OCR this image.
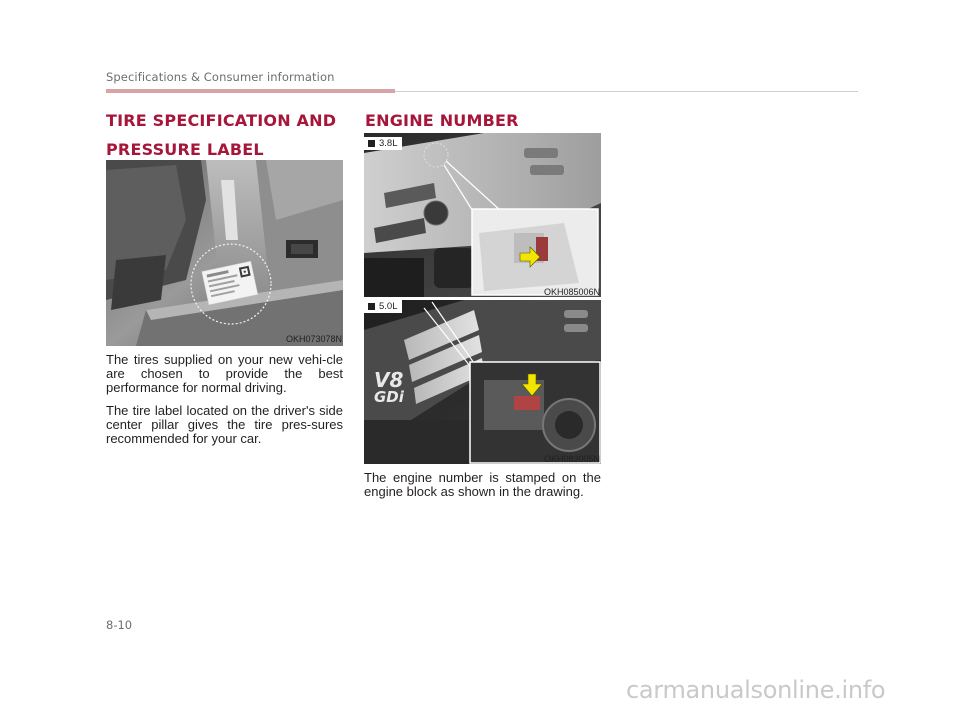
Specifications & Consumer information
TIRE SPECIFICATION AND
PRESSURE LABEL
OKH073078N

The tires supplied on your new vehi-cle are chosen to provide the best performance for normal driving.

The tire label located on the driver's side center pillar gives the tire pres-sures recommended for your car.

ENGINE NUMBER
3.8L
OKH085006N
V8
GDi
5.0L
OKH083005N

The engine number is stamped on the engine block as shown in the drawing.

8-10
carmanualsonline.info
